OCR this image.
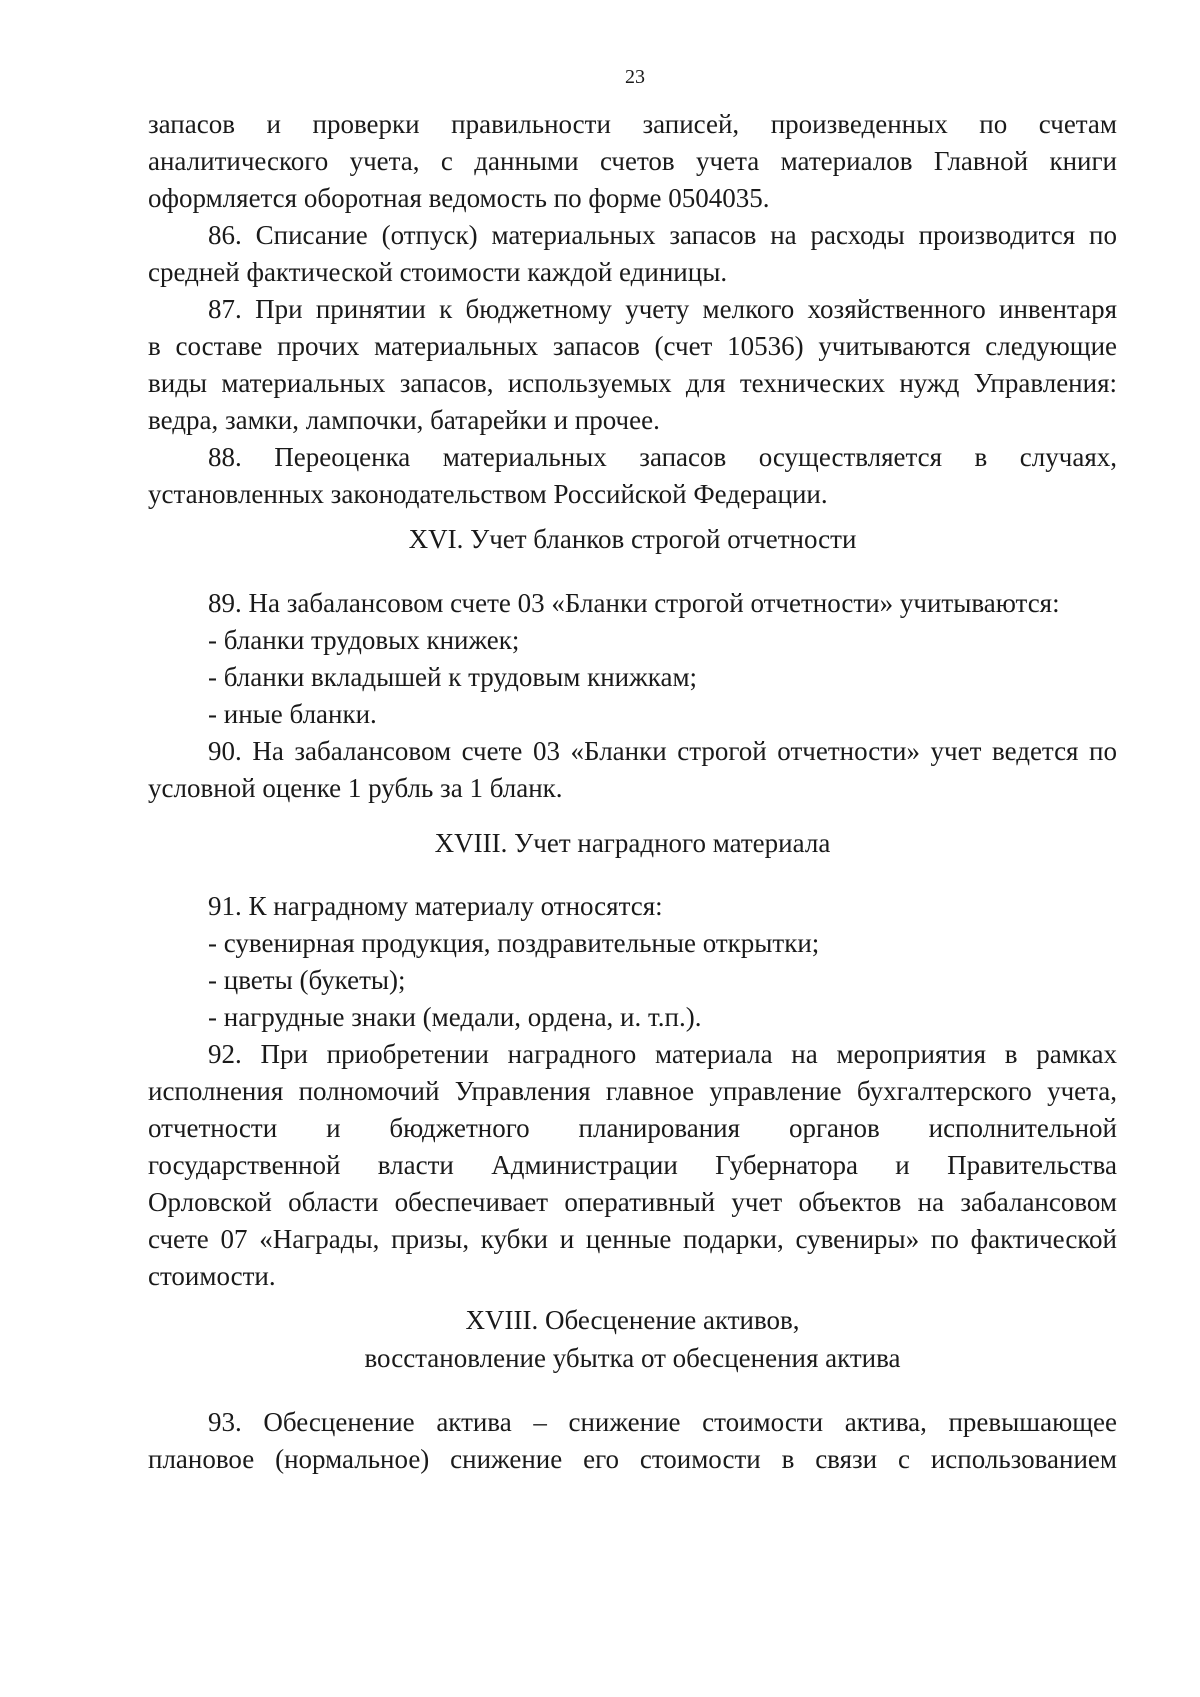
23
запасов и проверки правильности записей, произведенных по счетам
аналитического учета, с данными счетов учета материалов Главной книги
оформляется оборотная ведомость по форме 0504035.
86. Списание (отпуск) материальных запасов на расходы производится по
средней фактической стоимости каждой единицы.
87. При принятии к бюджетному учету мелкого хозяйственного инвентаря
в составе прочих материальных запасов (счет 10536) учитываются следующие
виды материальных запасов, используемых для технических нужд Управления:
ведра, замки, лампочки, батарейки и прочее.
88. Переоценка материальных запасов осуществляется в случаях,
установленных законодательством Российской Федерации.
XVI. Учет бланков строгой отчетности
89. На забалансовом счете 03 «Бланки строгой отчетности» учитываются:
- бланки трудовых книжек;
- бланки вкладышей к трудовым книжкам;
- иные бланки.
90. На забалансовом счете 03 «Бланки строгой отчетности» учет ведется по
условной оценке 1 рубль за 1 бланк.
XVIII. Учет наградного материала
91. К наградному материалу относятся:
- сувенирная продукция, поздравительные открытки;
- цветы (букеты);
- нагрудные знаки (медали, ордена, и. т.п.).
92. При приобретении наградного материала на мероприятия в рамках
исполнения полномочий Управления главное управление бухгалтерского учета,
отчетности и бюджетного планирования органов исполнительной
государственной власти Администрации Губернатора и Правительства
Орловской области обеспечивает оперативный учет объектов на забалансовом
счете 07 «Награды, призы, кубки и ценные подарки, сувениры» по фактической
стоимости.
XVIII. Обесценение активов,
восстановление убытка от обесценения актива
93. Обесценение актива – снижение стоимости актива, превышающее
плановое (нормальное) снижение его стоимости в связи с использованием
